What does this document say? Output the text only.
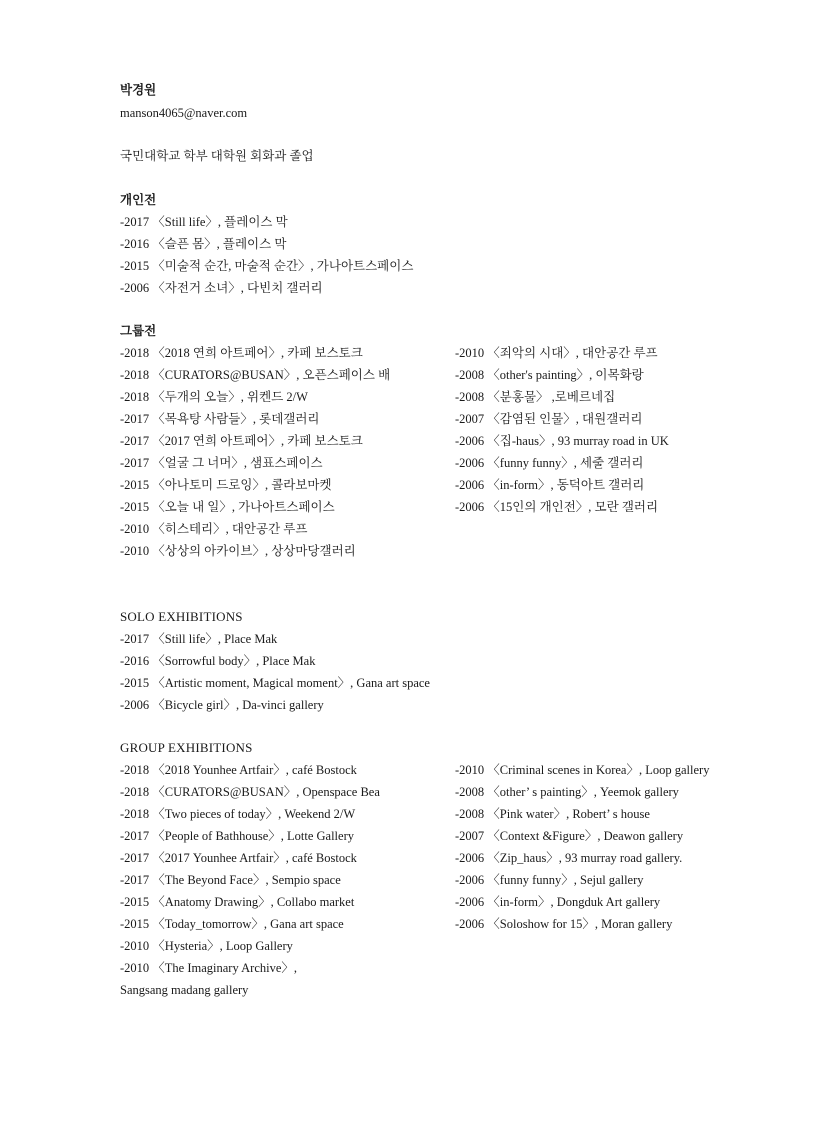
박경원
manson4065@naver.com
국민대학교 학부 대학원 회화과 졸업
개인전
-2017 〈Still life〉, 플레이스 막
-2016 〈슬픈 몸〉, 플레이스 막
-2015 〈미술적 순간, 마술적 순간〉, 가나아트스페이스
-2006 〈자전거 소녀〉, 다빈치 갤러리
그룹전
-2018 〈2018 연희 아트페어〉, 카페 보스토크
-2018 〈CURATORS@BUSAN〉, 오픈스페이스 배
-2018 〈두개의 오늘〉, 위켄드 2/W
-2017 〈목욕탕 사람들〉, 롯데갤러리
-2017 〈2017 연희 아트페어〉, 카페 보스토크
-2017 〈얼굴 그 너머〉, 샘표스페이스
-2015 〈아나토미 드로잉〉, 콜라보마켓
-2015 〈오늘 내 일〉, 가나아트스페이스
-2010 〈히스테리〉, 대안공간 루프
-2010 〈상상의 아카이브〉, 상상마당갤러리
-2010 〈죄악의 시대〉, 대안공간 루프
-2008 〈other's painting〉, 이목화랑
-2008 〈분홍물〉 ,로베르네집
-2007 〈감염된 인물〉, 대원갤러리
-2006 〈집-haus〉, 93 murray road in UK
-2006 〈funny funny〉, 세줄 갤러리
-2006 〈in-form〉, 동덕아트 갤러리
-2006 〈15인의 개인전〉, 모란 갤러리
SOLO EXHIBITIONS
-2017 〈Still life〉, Place Mak
-2016 〈Sorrowful body〉, Place Mak
-2015 〈Artistic moment, Magical moment〉, Gana art space
-2006 〈Bicycle girl〉, Da-vinci gallery
GROUP EXHIBITIONS
-2018 〈2018 Younhee Artfair〉, café Bostock
-2018 〈CURATORS@BUSAN〉, Openspace Bea
-2018 〈Two pieces of today〉, Weekend 2/W
-2017 〈People of Bathhouse〉, Lotte Gallery
-2017 〈2017 Younhee Artfair〉, café Bostock
-2017 〈The Beyond Face〉, Sempio space
-2015 〈Anatomy Drawing〉, Collabo market
-2015 〈Today_tomorrow〉, Gana art space
-2010 〈Hysteria〉, Loop Gallery
-2010 〈The Imaginary Archive〉,
Sangsang madang gallery
-2010 〈Criminal scenes in Korea〉, Loop gallery
-2008 〈other’ s painting〉, Yeemok gallery
-2008 〈Pink water〉, Robert’ s house
-2007 〈Context &Figure〉, Deawon gallery
-2006 〈Zip_haus〉, 93 murray road gallery.
-2006 〈funny funny〉, Sejul gallery
-2006 〈in-form〉, Dongduk Art gallery
-2006 〈Soloshow for 15〉, Moran gallery
